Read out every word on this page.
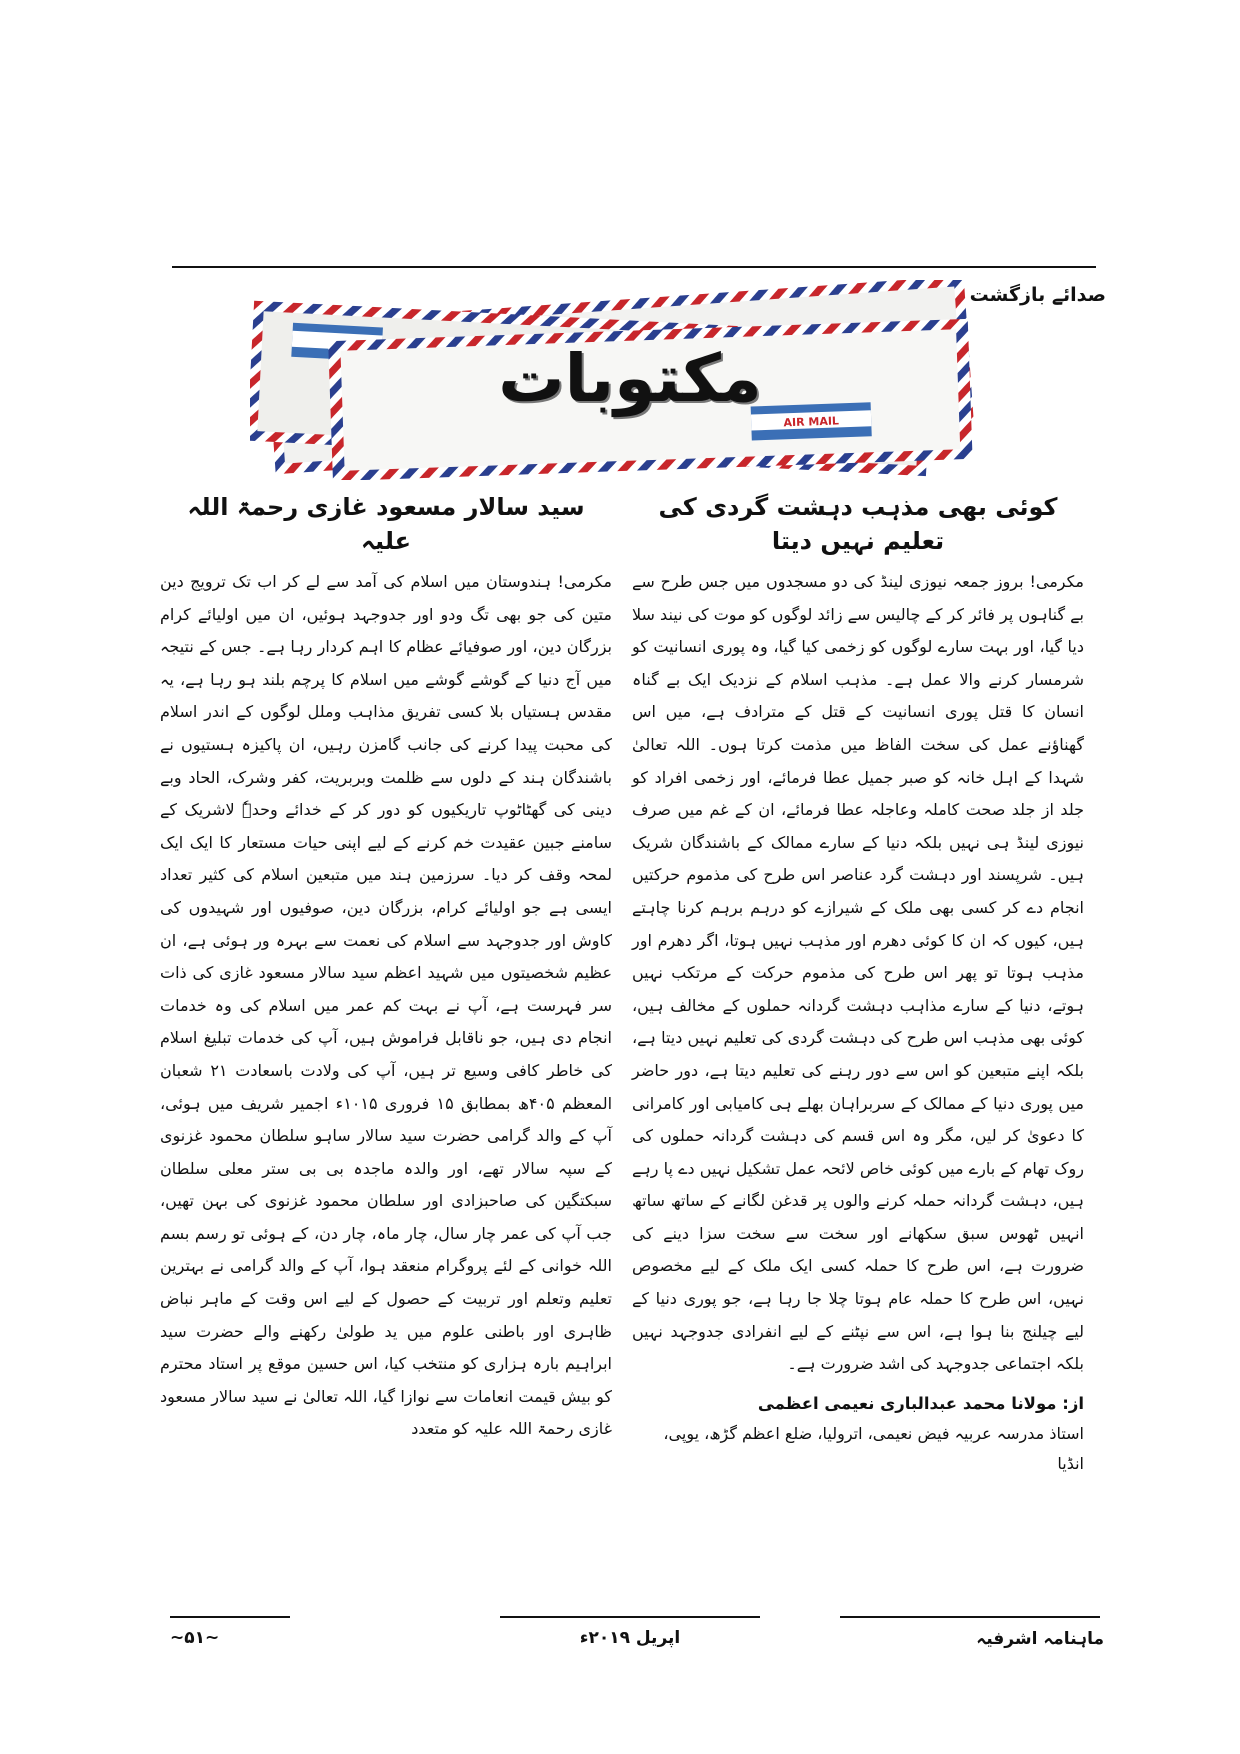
صدائے بازگشت
AIR MAIL
مکتوبات
کوئی بھی مذہب دہشت گردی کی تعلیم نہیں دیتا

مکرمی! بروز جمعہ نیوزی لینڈ کی دو مسجدوں میں جس طرح سے بے گناہوں پر فائر کر کے چالیس سے زائد لوگوں کو موت کی نیند سلا دیا گیا، اور بہت سارے لوگوں کو زخمی کیا گیا، وہ پوری انسانیت کو شرمسار کرنے والا عمل ہے۔ مذہب اسلام کے نزدیک ایک بے گناہ انسان کا قتل پوری انسانیت کے قتل کے مترادف ہے، میں اس گھناؤنے عمل کی سخت الفاظ میں مذمت کرتا ہوں۔ اللہ تعالیٰ شہدا کے اہل خانہ کو صبر جمیل عطا فرمائے، اور زخمی افراد کو جلد از جلد صحت کاملہ وعاجلہ عطا فرمائے، ان کے غم میں صرف نیوزی لینڈ ہی نہیں بلکہ دنیا کے سارے ممالک کے باشندگان شریک ہیں۔ شرپسند اور دہشت گرد عناصر اس طرح کی مذموم حرکتیں انجام دے کر کسی بھی ملک کے شیرازے کو درہم برہم کرنا چاہتے ہیں، کیوں کہ ان کا کوئی دھرم اور مذہب نہیں ہوتا، اگر دھرم اور مذہب ہوتا تو پھر اس طرح کی مذموم حرکت کے مرتکب نہیں ہوتے، دنیا کے سارے مذاہب دہشت گردانہ حملوں کے مخالف ہیں، کوئی بھی مذہب اس طرح کی دہشت گردی کی تعلیم نہیں دیتا ہے، بلکہ اپنے متبعین کو اس سے دور رہنے کی تعلیم دیتا ہے، دور حاضر میں پوری دنیا کے ممالک کے سربراہان بھلے ہی کامیابی اور کامرانی کا دعویٰ کر لیں، مگر وہ اس قسم کی دہشت گردانہ حملوں کی روک تھام کے بارے میں کوئی خاص لائحہ عمل تشکیل نہیں دے پا رہے ہیں، دہشت گردانہ حملہ کرنے والوں پر قدغن لگانے کے ساتھ ساتھ انہیں ٹھوس سبق سکھانے اور سخت سے سخت سزا دینے کی ضرورت ہے، اس طرح کا حملہ کسی ایک ملک کے لیے مخصوص نہیں، اس طرح کا حملہ عام ہوتا چلا جا رہا ہے، جو پوری دنیا کے لیے چیلنج بنا ہوا ہے، اس سے نپٹنے کے لیے انفرادی جدوجہد نہیں بلکہ اجتماعی جدوجہد کی اشد ضرورت ہے۔

از: مولانا محمد عبدالباری نعیمی اعظمی
استاذ مدرسہ عربیہ فیض نعیمی، اترولیا، ضلع اعظم گڑھ، یوپی، انڈیا
سید سالار مسعود غازی رحمۃ اللہ علیہ

مکرمی! ہندوستان میں اسلام کی آمد سے لے کر اب تک ترویج دین متین کی جو بھی تگ ودو اور جدوجہد ہوئیں، ان میں اولیائے کرام بزرگان دین، اور صوفیائے عظام کا اہم کردار رہا ہے۔ جس کے نتیجہ میں آج دنیا کے گوشے گوشے میں اسلام کا پرچم بلند ہو رہا ہے، یہ مقدس ہستیاں بلا کسی تفریق مذاہب وملل لوگوں کے اندر اسلام کی محبت پیدا کرنے کی جانب گامزن رہیں، ان پاکیزہ ہستیوں نے باشندگان ہند کے دلوں سے ظلمت وبربریت، کفر وشرک، الحاد وبے دینی کی گھٹاٹوپ تاریکیوں کو دور کر کے خدائے وحدہٗ لاشریک کے سامنے جبین عقیدت خم کرنے کے لیے اپنی حیات مستعار کا ایک ایک لمحہ وقف کر دیا۔ سرزمین ہند میں متبعین اسلام کی کثیر تعداد ایسی ہے جو اولیائے کرام، بزرگان دین، صوفیوں اور شہیدوں کی کاوش اور جدوجہد سے اسلام کی نعمت سے بہرہ ور ہوئی ہے، ان عظیم شخصیتوں میں شہید اعظم سید سالار مسعود غازی کی ذات سر فہرست ہے، آپ نے بہت کم عمر میں اسلام کی وہ خدمات انجام دی ہیں، جو ناقابل فراموش ہیں، آپ کی خدمات تبلیغ اسلام کی خاطر کافی وسیع تر ہیں، آپ کی ولادت باسعادت ۲۱ شعبان المعظم ۴۰۵ھ بمطابق ۱۵ فروری ۱۰۱۵ء اجمیر شریف میں ہوئی، آپ کے والد گرامی حضرت سید سالار ساہو سلطان محمود غزنوی کے سپہ سالار تھے، اور والدہ ماجدہ بی بی ستر معلی سلطان سبکتگین کی صاحبزادی اور سلطان محمود غزنوی کی بہن تھیں، جب آپ کی عمر چار سال، چار ماہ، چار دن، کے ہوئی تو رسم بسم اللہ خوانی کے لئے پروگرام منعقد ہوا، آپ کے والد گرامی نے بہترین تعلیم وتعلم اور تربیت کے حصول کے لیے اس وقت کے ماہر نباض ظاہری اور باطنی علوم میں ید طولیٰ رکھنے والے حضرت سید ابراہیم بارہ ہزاری کو منتخب کیا، اس حسین موقع پر استاد محترم کو بیش قیمت انعامات سے نوازا گیا، اللہ تعالیٰ نے سید سالار مسعود غازی رحمۃ اللہ علیہ کو متعدد

ماہنامہ اشرفیہ
اپریل ۲۰۱۹ء
~۵۱~
